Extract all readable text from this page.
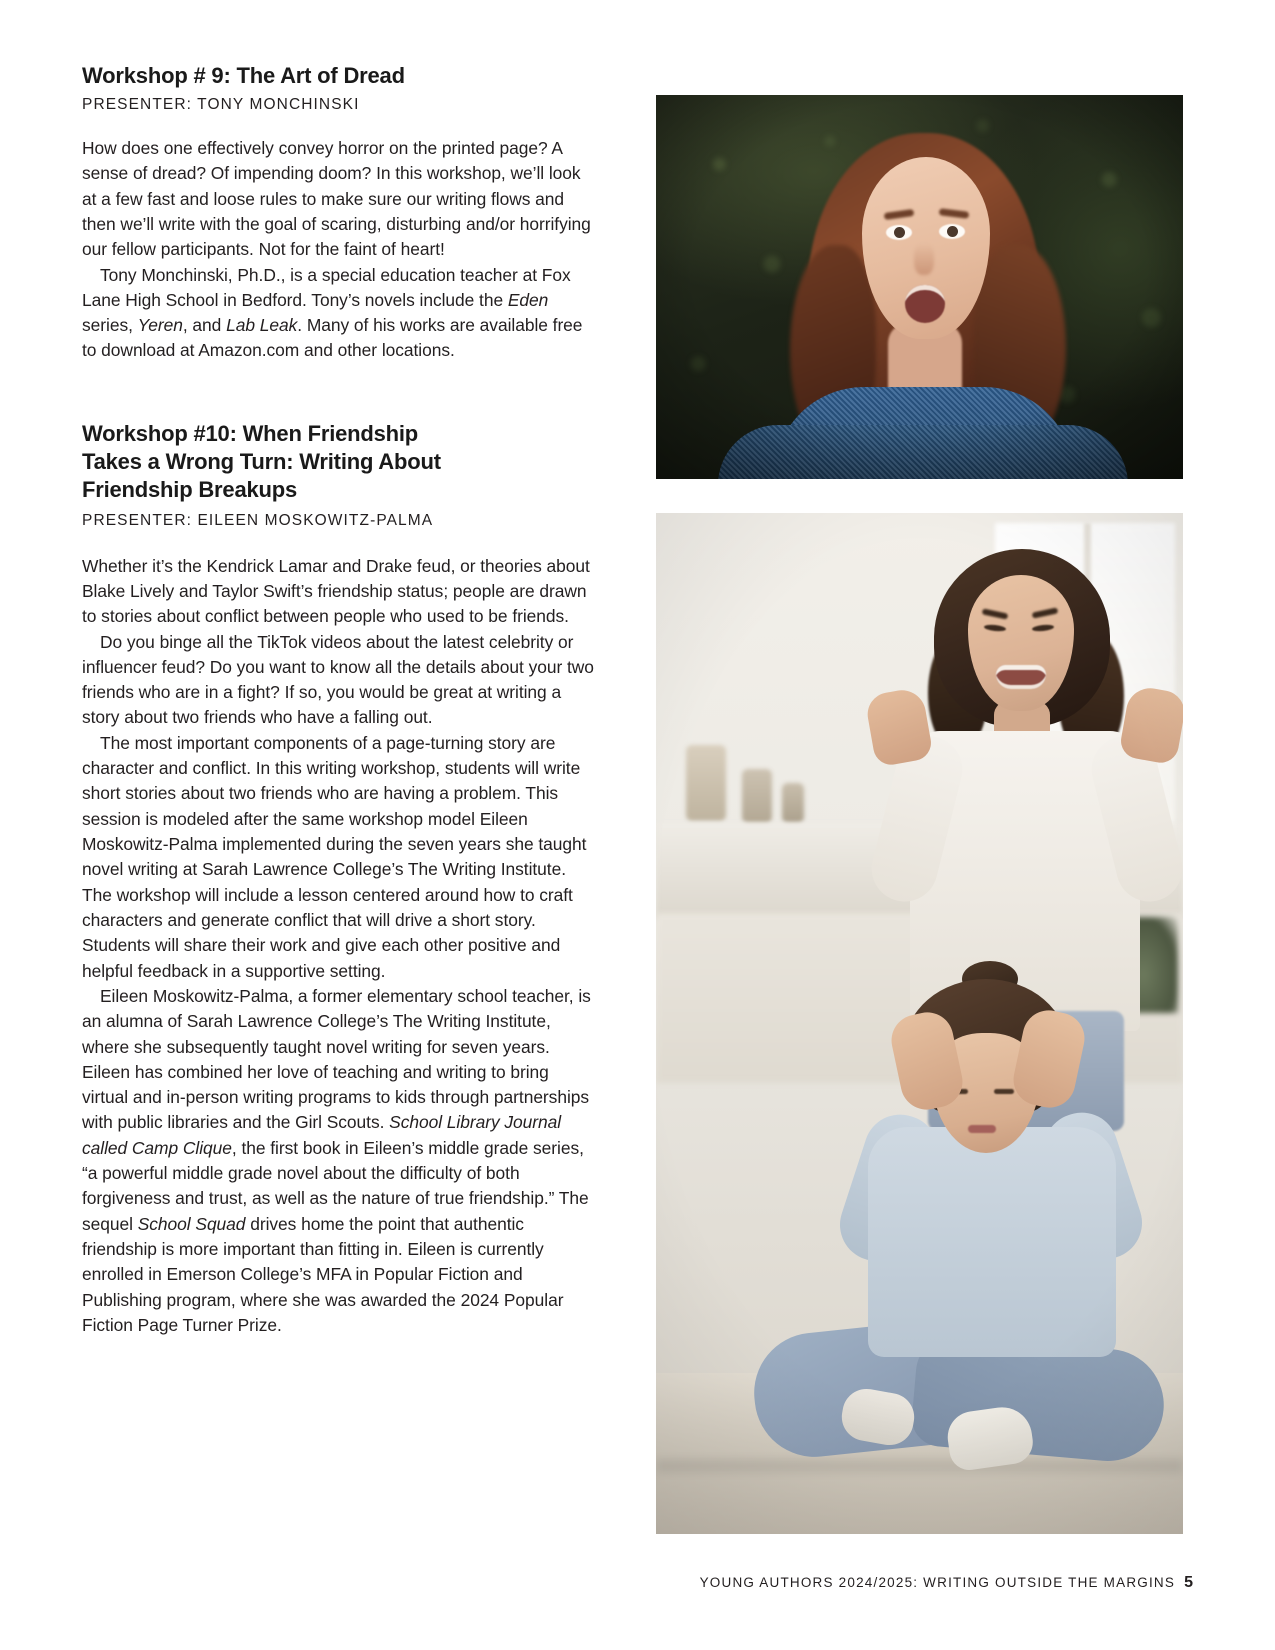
Workshop # 9: The Art of Dread
PRESENTER: TONY MONCHINSKI

How does one effectively convey horror on the printed page? A sense of dread? Of impending doom? In this workshop, we’ll look at a few fast and loose rules to make sure our writing flows and then we’ll write with the goal of scaring, disturbing and/or horrifying our fellow participants. Not for the faint of heart!

Tony Monchinski, Ph.D., is a special education teacher at Fox Lane High School in Bedford. Tony’s novels include the Eden series, Yeren, and Lab Leak. Many of his works are available free to download at Amazon.com and other locations.

Workshop #10: When Friendship
Takes a Wrong Turn: Writing About
Friendship Breakups
PRESENTER: EILEEN MOSKOWITZ-PALMA

Whether it’s the Kendrick Lamar and Drake feud, or theories about Blake Lively and Taylor Swift’s friendship status; people are drawn to stories about conflict between people who used to be friends.

Do you binge all the TikTok videos about the latest celebrity or influencer feud? Do you want to know all the details about your two friends who are in a fight? If so, you would be great at writing a story about two friends who have a falling out.

The most important components of a page-turning story are character and conflict. In this writing workshop, students will write short stories about two friends who are having a problem. This session is modeled after the same workshop model Eileen Moskowitz-Palma implemented during the seven years she taught novel writing at Sarah Lawrence College’s The Writing Institute. The workshop will include a lesson centered around how to craft characters and generate conflict that will drive a short story. Students will share their work and give each other positive and helpful feedback in a supportive setting.

Eileen Moskowitz-Palma, a former elementary school teacher, is an alumna of Sarah Lawrence College’s The Writing Institute, where she subsequently taught novel writing for seven years. Eileen has combined her love of teaching and writing to bring virtual and in-person writing programs to kids through partnerships with public libraries and the Girl Scouts. School Library Journal called Camp Clique, the first book in Eileen’s middle grade series, “a powerful middle grade novel about the difficulty of both forgiveness and trust, as well as the nature of true friendship.” The sequel School Squad drives home the point that authentic friendship is more important than fitting in. Eileen is currently enrolled in Emerson College’s MFA in Popular Fiction and Publishing program, where she was awarded the 2024 Popular Fiction Page Turner Prize.

YOUNG AUTHORS 2024/2025: WRITING OUTSIDE THE MARGINS 5
